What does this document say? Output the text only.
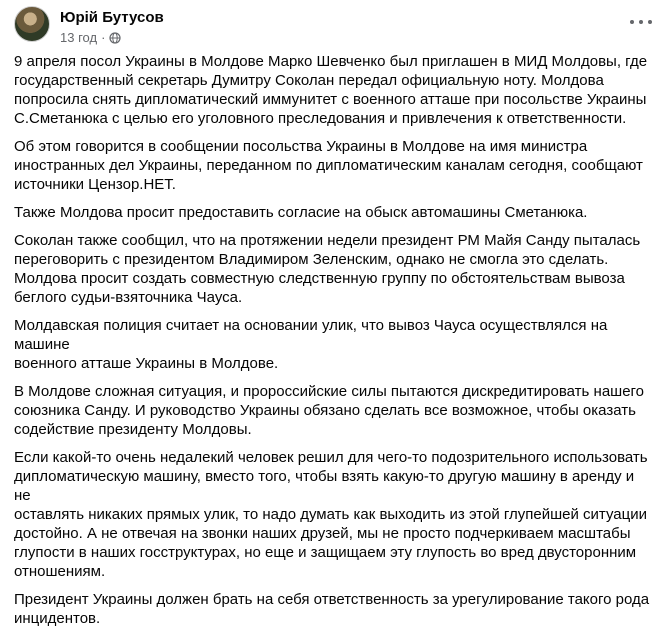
Юрій Бутусов
13 год ·

9 апреля посол Украины в Молдове Марко Шевченко был приглашен в МИД Молдовы, где
государственный секретарь Думитру Соколан передал официальную ноту. Молдова
попросила снять дипломатический иммунитет с военного атташе при посольстве Украины
С.Сметанюка с целью его уголовного преследования и привлечения к ответственности.

Об этом говорится в сообщении посольства Украины в Молдове на имя министра
иностранных дел Украины, переданном по дипломатическим каналам сегодня, сообщают
источники Цензор.НЕТ.

Также Молдова просит предоставить согласие на обыск автомашины Сметанюка.

Соколан также сообщил, что на протяжении недели президент РМ Майя Санду пыталась
переговорить с президентом Владимиром Зеленским, однако не смогла это сделать.
Молдова просит создать совместную следственную группу по обстоятельствам вывоза
беглого судьи-взяточника Чауса.

Молдавская полиция считает на основании улик, что вывоз Чауса осуществлялся на машине
военного атташе Украины в Молдове.

В Молдове сложная ситуация, и пророссийские силы пытаются дискредитировать нашего
союзника Санду. И руководство Украины обязано сделать все возможное, чтобы оказать
содействие президенту Молдовы.

Если какой-то очень недалекий человек решил для чего-то подозрительного использовать
дипломатическую машину, вместо того, чтобы взять какую-то другую машину в аренду и не
оставлять никаких прямых улик, то надо думать как выходить из этой глупейшей ситуации
достойно. А не отвечая на звонки наших друзей, мы не просто подчеркиваем масштабы
глупости в наших госструктурах, но еще и защищаем эту глупость во вред двусторонним
отношениям.

Президент Украины должен брать на себя ответственность за урегулирование такого рода
инцидентов.
